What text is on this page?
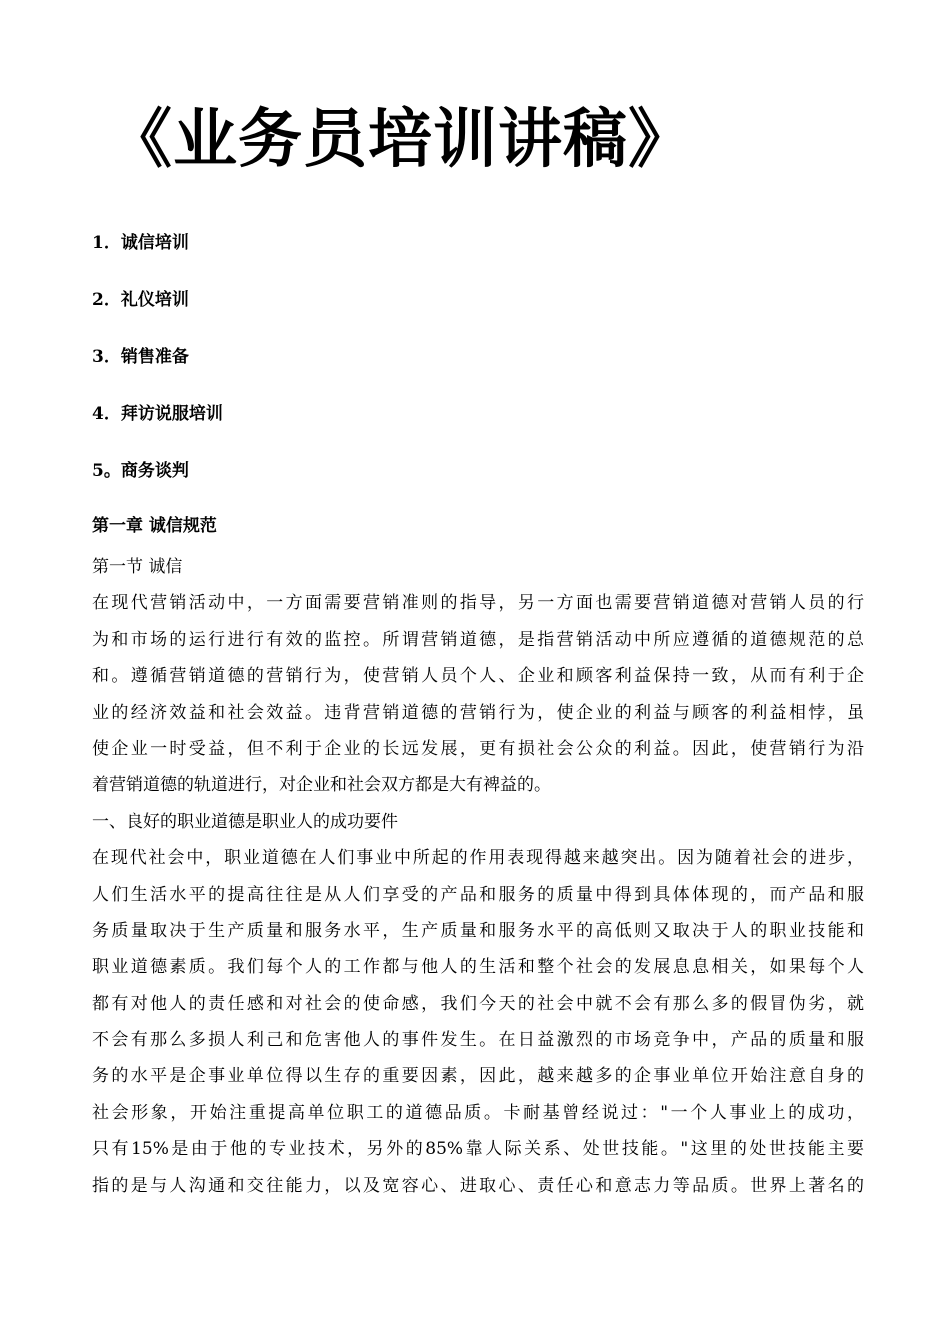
《业务员培训讲稿》
1．诚信培训
2．礼仪培训
3．销售准备
4．拜访说服培训
5。商务谈判
第一章 诚信规范
第一节 诚信

在现代营销活动中，一方面需要营销准则的指导，另一方面也需要营销道德对营销人员的行
为和市场的运行进行有效的监控。所谓营销道德，是指营销活动中所应遵循的道德规范的总
和。遵循营销道德的营销行为，使营销人员个人、企业和顾客利益保持一致，从而有利于企
业的经济效益和社会效益。违背营销道德的营销行为，使企业的利益与顾客的利益相悖，虽
使企业一时受益，但不利于企业的长远发展，更有损社会公众的利益。因此，使营销行为沿
着营销道德的轨道进行，对企业和社会双方都是大有裨益的。

一、良好的职业道德是职业人的成功要件

在现代社会中，职业道德在人们事业中所起的作用表现得越来越突出。因为随着社会的进步，
人们生活水平的提高往往是从人们享受的产品和服务的质量中得到具体体现的，而产品和服
务质量取决于生产质量和服务水平，生产质量和服务水平的高低则又取决于人的职业技能和
职业道德素质。我们每个人的工作都与他人的生活和整个社会的发展息息相关，如果每个人
都有对他人的责任感和对社会的使命感，我们今天的社会中就不会有那么多的假冒伪劣，就
不会有那么多损人利己和危害他人的事件发生。在日益激烈的市场竞争中，产品的质量和服
务的水平是企事业单位得以生存的重要因素，因此，越来越多的企事业单位开始注意自身的
社会形象，开始注重提高单位职工的道德品质。卡耐基曾经说过："一个人事业上的成功，
只有15%是由于他的专业技术，另外的85%靠人际关系、处世技能。"这里的处世技能主要
指的是与人沟通和交往能力，以及宽容心、进取心、责任心和意志力等品质。世界上著名的
